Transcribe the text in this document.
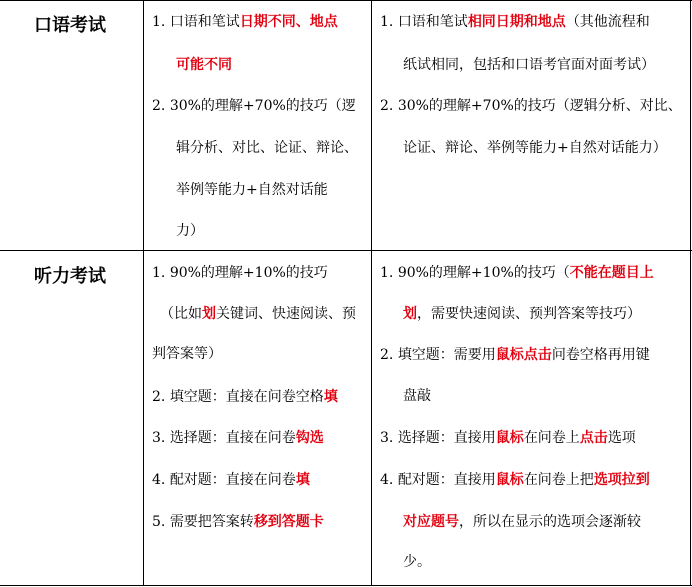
口语考试	1. 口语和笔试日期不同、地点
可能不同
2. 30%的理解+70%的技巧（逻
辑分析、对比、论证、辩论、
举例等能力+自然对话能
力）
1. 口语和笔试相同日期和地点（其他流程和
纸试相同，包括和口语考官面对面考试）
2. 30%的理解+70%的技巧（逻辑分析、对比、
论证、辩论、举例等能力+自然对话能力）
听力考试	1. 90%的理解+10%的技巧
（比如划关键词、快速阅读、预
判答案等）
2. 填空题：直接在问卷空格填
3. 选择题：直接在问卷钩选
4. 配对题：直接在问卷填
5. 需要把答案转移到答题卡
1. 90%的理解+10%的技巧（不能在题目上
划，需要快速阅读、预判答案等技巧）
2. 填空题：需要用鼠标点击问卷空格再用键
盘敲
3. 选择题：直接用鼠标在问卷上点击选项
4. 配对题：直接用鼠标在问卷上把选项拉到
对应题号，所以在显示的选项会逐渐较
少。
